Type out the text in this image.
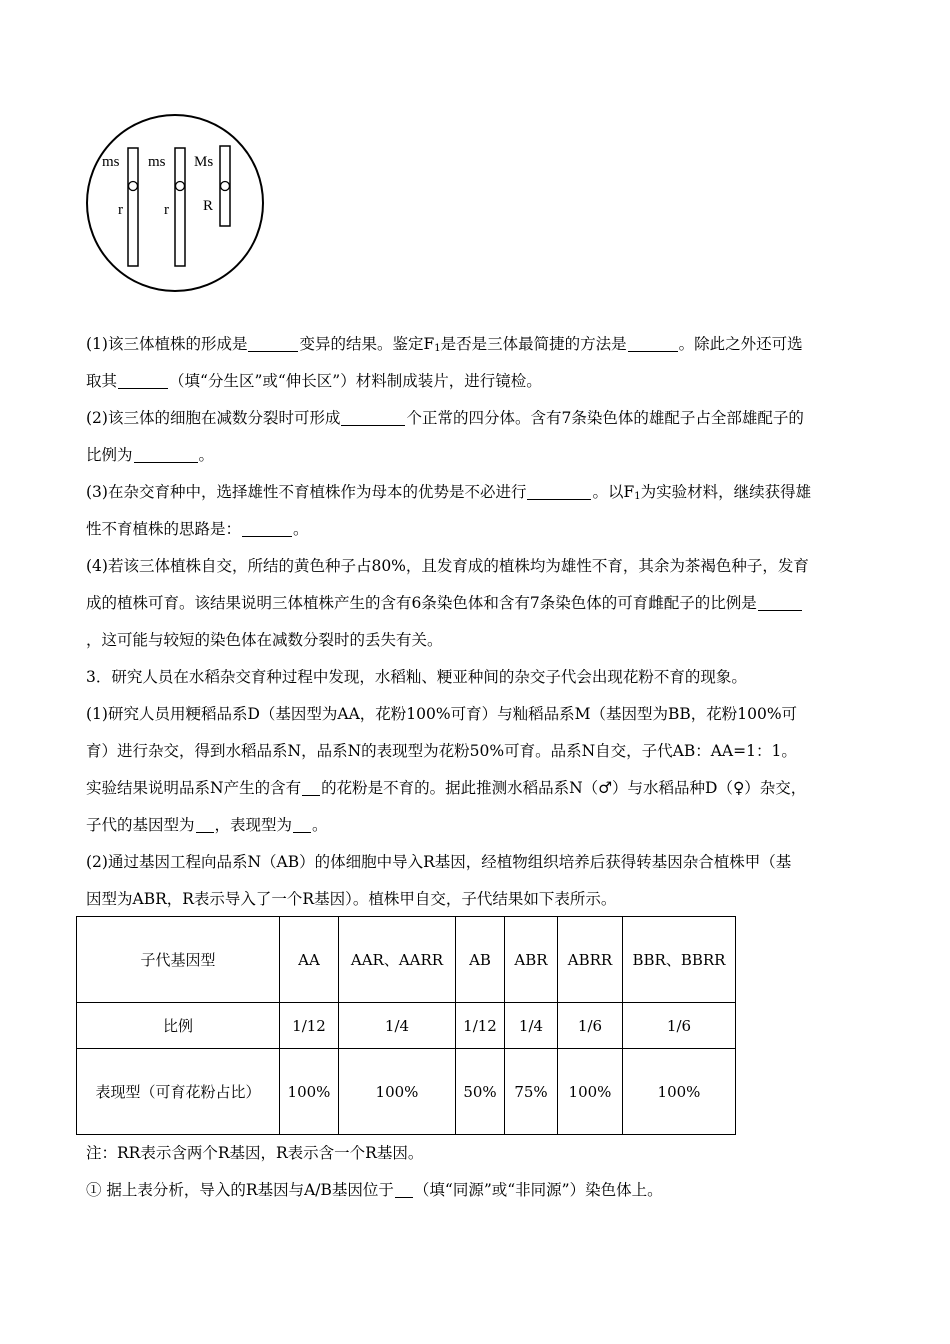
ms
r
ms
r
Ms
R
(1)该三体植株的形成是	变异的结果。鉴定$F_1$是否是三体最简捷的方法是	。除此之外还可选
取其	（填“分生区”或“伸长区”）材料制成装片，进行镜检。
(2)该三体的细胞在减数分裂时可形成	个正常的四分体。含有7条染色体的雄配子占全部雄配子的
比例为	。
(3)在杂交育种中，选择雄性不育植株作为母本的优势是不必进行	。以$F_1$为实验材料，继续获得雄
性不育植株的思路是：	。
(4)若该三体植株自交，所结的黄色种子占80%，且发育成的植株均为雄性不育，其余为茶褐色种子，发育
成的植株可育。该结果说明三体植株产生的含有6条染色体和含有7条染色体的可育雌配子的比例是
，这可能与较短的染色体在减数分裂时的丢失有关。
3．研究人员在水稻杂交育种过程中发现，水稻籼、粳亚种间的杂交子代会出现花粉不育的现象。
(1)研究人员用粳稻品系D（基因型为AA，花粉100%可育）与籼稻品系M（基因型为BB，花粉100%可
育）进行杂交，得到水稻品系N，品系N的表现型为花粉50%可育。品系N自交，子代AB：AA=1：1。
实验结果说明品系N产生的含有 的花粉是不育的。据此推测水稻品系N（♂）与水稻品种D（♀）杂交，
子代的基因型为 ，表现型为 。
(2)通过基因工程向品系N（AB）的体细胞中导入R基因，经植物组织培养后获得转基因杂合植株甲（基
因型为ABR，R表示导入了一个R基因）。植株甲自交，子代结果如下表所示。
子代基因型	AA	AAR、AARR	AB	ABR	ABRR	BBR、BBRR
比例	1/12	1/4	1/12	1/4	1/6	1/6
表现型（可育花粉占比）	100%	100%	50%	75%	100%	100%
注：RR表示含两个R基因，R表示含一个R基因。
① 据上表分析，导入的R基因与A/B基因位于 （填“同源”或“非同源”）染色体上。
